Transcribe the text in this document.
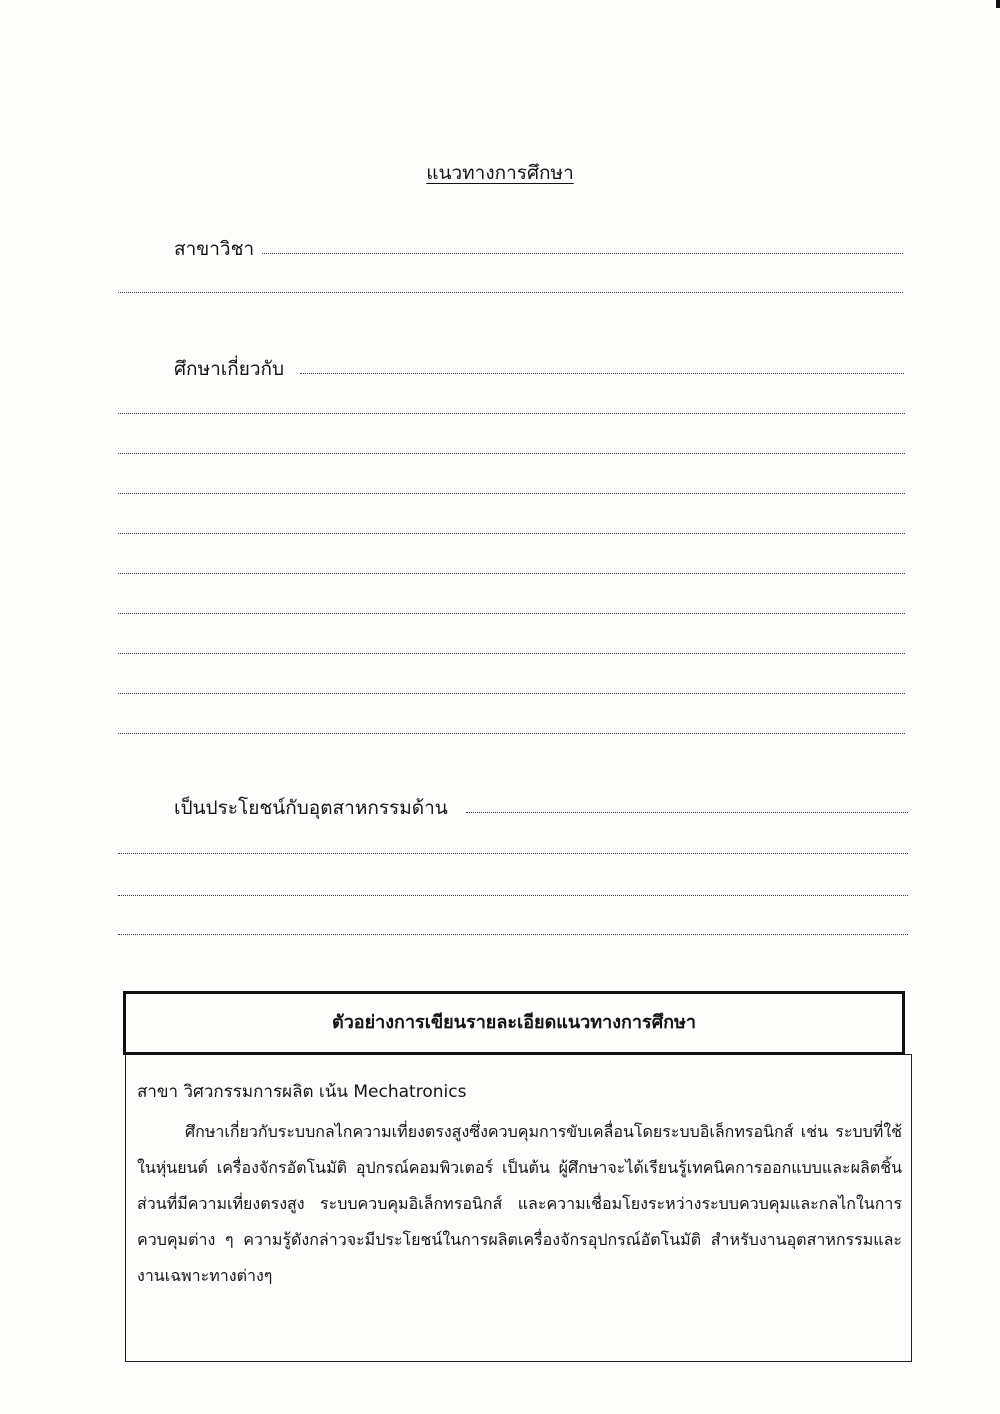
แนวทางการศึกษา
สาขาวิชา
ศึกษาเกี่ยวกับ
เป็นประโยชน์กับอุตสาหกรรมด้าน
ตัวอย่างการเขียนรายละเอียดแนวทางการศึกษา
สาขา วิศวกรรมการผลิต เน้น Mechatronics
ศึกษาเกี่ยวกับระบบกลไกความเที่ยงตรงสูงซึ่งควบคุมการขับเคลื่อนโดยระบบอิเล็กทรอนิกส์ เช่น ระบบที่ใช้ในหุ่นยนต์ เครื่องจักรอัตโนมัติ อุปกรณ์คอมพิวเตอร์ เป็นต้น ผู้ศึกษาจะได้เรียนรู้เทคนิคการออกแบบและผลิตชิ้นส่วนที่มีความเที่ยงตรงสูง ระบบควบคุมอิเล็กทรอนิกส์ และความเชื่อมโยงระหว่างระบบควบคุมและกลไกในการควบคุมต่าง ๆ ความรู้ดังกล่าวจะมีประโยชน์ในการผลิตเครื่องจักรอุปกรณ์อัตโนมัติ สำหรับงานอุตสาหกรรมและงานเฉพาะทางต่างๆ
